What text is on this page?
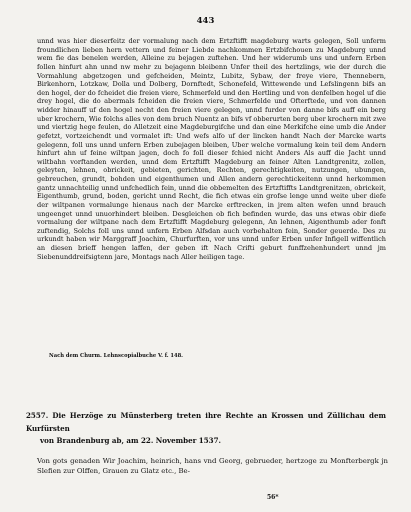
443

unnd was hier dieserfeitz der vormalung nach dem Ertzftifft magdeburg warts gelegen, Soll unferm froundlichen lieben hern vettern und feiner Liebde nachkommen Ertzbifchouen zu Magdeburg unnd wem fie das benelen werden, Alleine zu bejagen zuftehen. Und her widerumb uns und unfern Erben follen hinfurt ahn unnd nw mehr zu bejagenn bleibenn Unfer theil des hertzlings, wie der durch die Vormahlung abgetzogen und gefcheiden, Meintz, Lubitz, Sybaw, der freye viere, Thennebern, Birkenhorn, Lotzkaw, Dolla und Dolberg, Dornftedt, Schonefeld, Wittewende und Lefslingenn bifs an den hogel, der do fcheidet die freien viere, Schmerfeld und den Hertling und von denfelben hogel uf die drey hogel, die do abermals fcheiden die freien viere, Schmerfelde und Ofterftede, und von dannen widder hinauff uf den hogel necht den freien viere gelegen, unnd furder von danne bifs auff ein berg uber krochern, Wie folchs alles von dem bruch Nuentz an bifs vf obberurten berg uber krochern mit zwe und viertzig hege feulen, do Alletzeit eine Magdeburgifche und dan eine Merkifche eine umb die Ander gefetzt, vortzeichendt und vormalet ift: Und wefs alfo uf der lincken handt Nach der Marcke warts gelegenn, foll uns unnd unfern Erben zubejagen bleiben, Uber welche vormalung kein teil dem Andern hinfurt ahn uf feine wiltpan jagen, doch fo foll dieser fchied nicht Anders Als auff die Jacht unnd wiltbahn vorftanden werden, unnd dem Ertzftifft Magdeburg an feiner Alten Landtgrenitz, zollen, geleyten, lehnen, obrickeit, gebieten, gerichten, Rechten, gerechtigkeiten, nutzungen, ubungen, gebreuchen, grundt, bohden und eigenthumen und Allen andern gerechtickeitenn unnd herkommen gantz unnachteilig unnd unfchedlich fein, unnd die obbemelten des Ertzftiffts Landtgrenitzen, obrickeit, Eigenthumb, grund, boden, gericht unnd Recht, die fich etwas ein grofse lenge unnd weite uber diefe der wiltpanen vormalunge hienaus nach der Marcke erftrecken, in jrem alten wefen unnd brauch ungeenget unnd unuorhindert bleiben. Desgleichen ob fich befinden wurde, das uns etwas obir diefe vormalung der wiltpane nach dem Ertzftifft Magdeburg gelegenn, An lehnen, Aigenthumb ader fonft zuftendig, Solchs foll uns unnd unfern Erben Alfsdan auch vorbehalten fein, Sonder geuerde. Des zu urkundt haben wir Marggraff Joachim, Churfurften, vor uns unnd unfer Erben unfer Infigell wiffentlich an diesen brieff hengen laffen, der geben ift Nach Crifti geburt funffzehenhundert unnd jm Siebenunddreifsigtenn jare, Montags nach Aller heiligen tage.

Nach dem Churm. Lehnscopialbuche V. f. 148.

2557. Die Herzöge zu Münsterberg treten ihre Rechte an Krossen und Züllichau dem Kurfürsten

von Brandenburg ab, am 22. November 1537.

Von gots genaden Wir Joachim, heinrich, hans vnd Georg, gebrueder, hertzoge zu Monfterbergk jn Slefien zur Olffen, Grauen zu Glatz etc., Be-

56*
